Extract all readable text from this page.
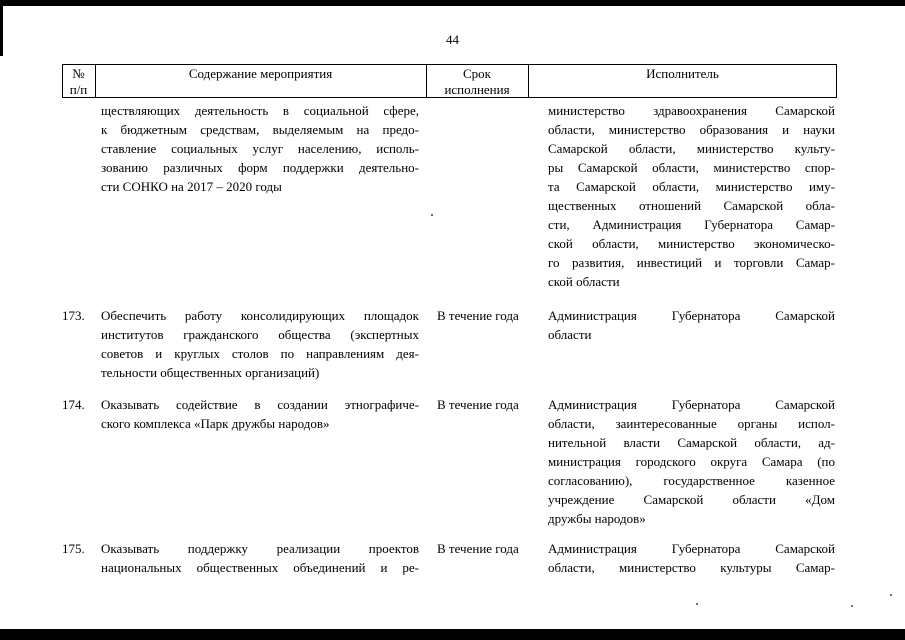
44
№
п/п
Содержание мероприятия	Срок
исполнения
Исполнитель
ществляющих деятельность в социальной сфере,
к бюджетным средствам, выделяемым на предо-
ставление социальных услуг населению, исполь-
зованию различных форм поддержки деятельно-
сти СОНКО на 2017 – 2020 годы
министерство здравоохранения Самарской
области, министерство образования и науки
Самарской области, министерство культу-
ры Самарской области, министерство спор-
та Самарской области, министерство иму-
щественных отношений Самарской обла-
сти, Администрация Губернатора Самар-
ской области, министерство экономическо-
го развития, инвестиций и торговли Самар-
ской области
173. Обеспечить работу консолидирующих площадок
институтов гражданского общества (экспертных
советов и круглых столов по направлениям дея-
тельности общественных организаций)
В течение года Администрация Губернатора Самарской
области
174. Оказывать содействие в создании этнографиче-
ского комплекса «Парк дружбы народов»
В течение года Администрация Губернатора Самарской
области, заинтересованные органы испол-
нительной власти Самарской области, ад-
министрация городского округа Самара (по
согласованию), государственное казенное
учреждение Самарской области «Дом
дружбы народов»
175. Оказывать поддержку реализации проектов
национальных общественных объединений и ре-
В течение года Администрация Губернатора Самарской
области, министерство культуры Самар-
